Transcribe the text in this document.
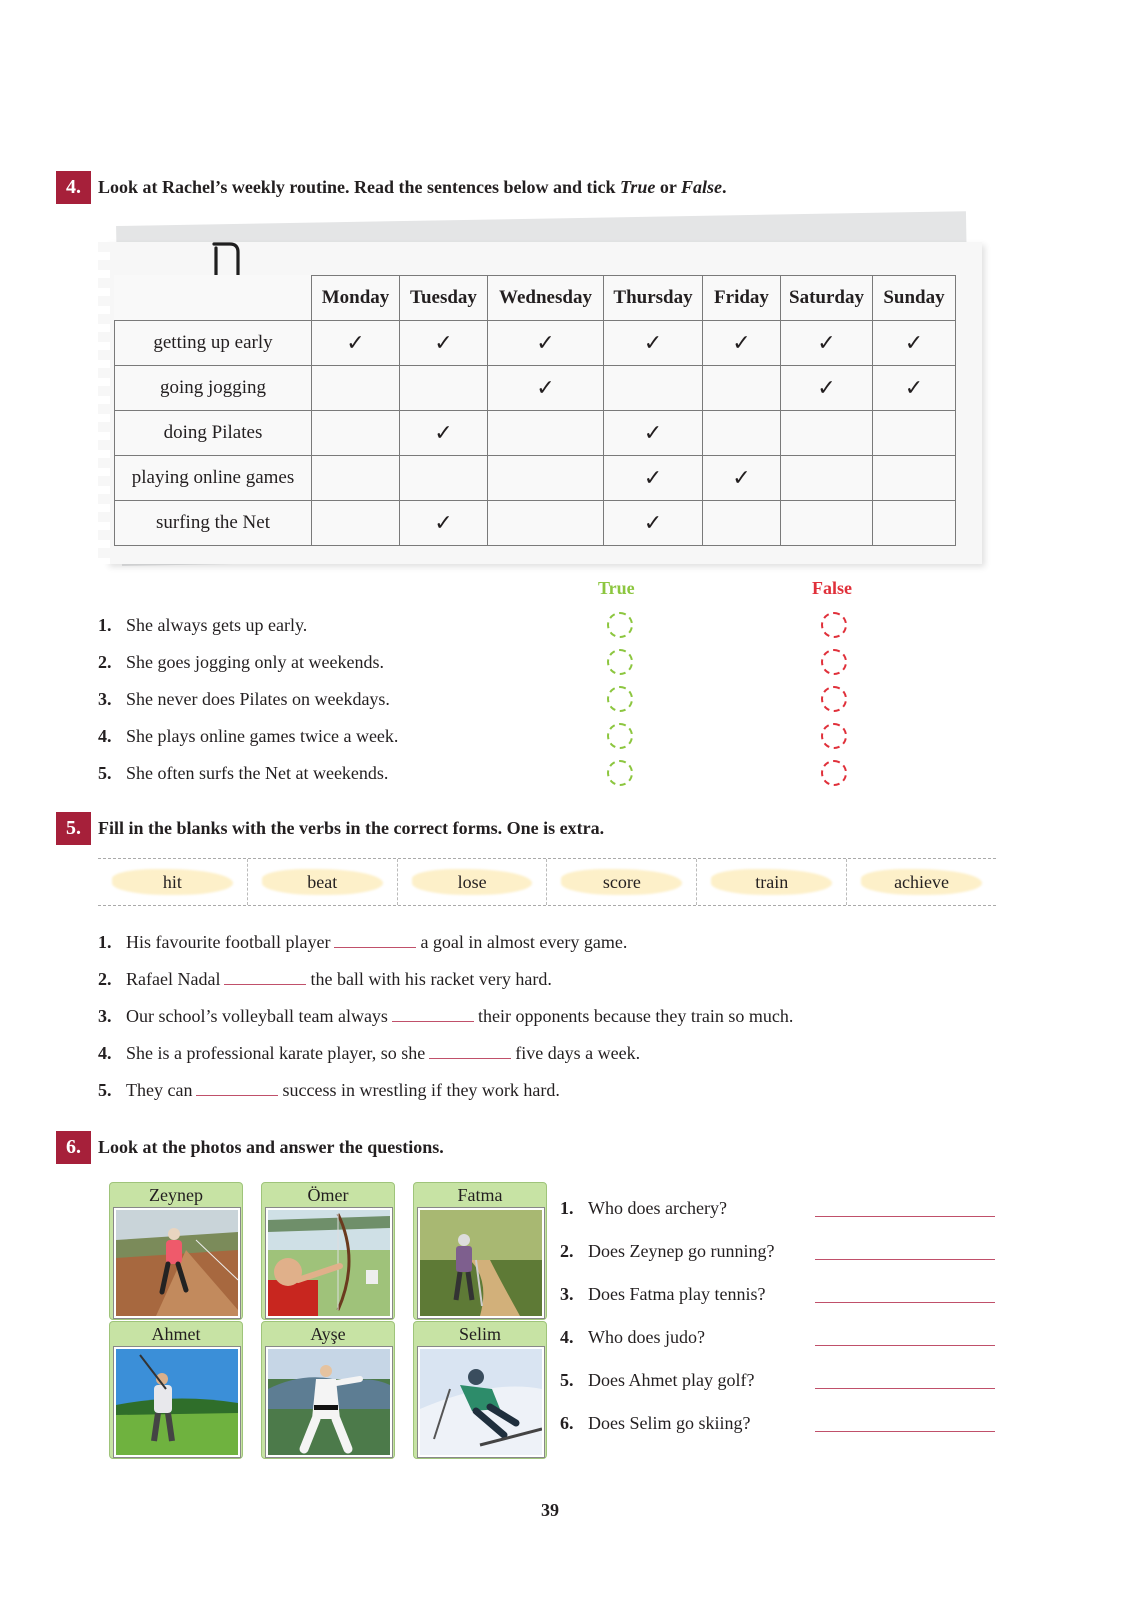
4. Look at Rachel’s weekly routine. Read the sentences below and tick True or False.
	Monday	Tuesday	Wednesday	Thursday	Friday	Saturday	Sunday
getting up early	✓	✓	✓	✓	✓	✓	✓
going jogging			✓			✓	✓
doing Pilates		✓		✓			
playing online games				✓	✓		
surfing the Net		✓		✓			
True	False
1. She always gets up early.
2. She goes jogging only at weekends.
3. She never does Pilates on weekdays.
4. She plays online games twice a week.
5. She often surfs the Net at weekends.
5. Fill in the blanks with the verbs in the correct forms. One is extra.
hit	beat	lose	score	train	achieve
1. His favourite football player	a goal in almost every game.
2. Rafael Nadal	the ball with his racket very hard.
3. Our school’s volleyball team always	their opponents because they train so much.
4. She is a professional karate player, so she	five days a week.
5. They can	success in wrestling if they work hard.
6. Look at the photos and answer the questions.
Zeynep	Ömer	Fatma
Ahmet	Ayşe	Selim
1. Who does archery?
2. Does Zeynep go running?
3. Does Fatma play tennis?
4. Who does judo?
5. Does Ahmet play golf?
6. Does Selim go skiing?
39
